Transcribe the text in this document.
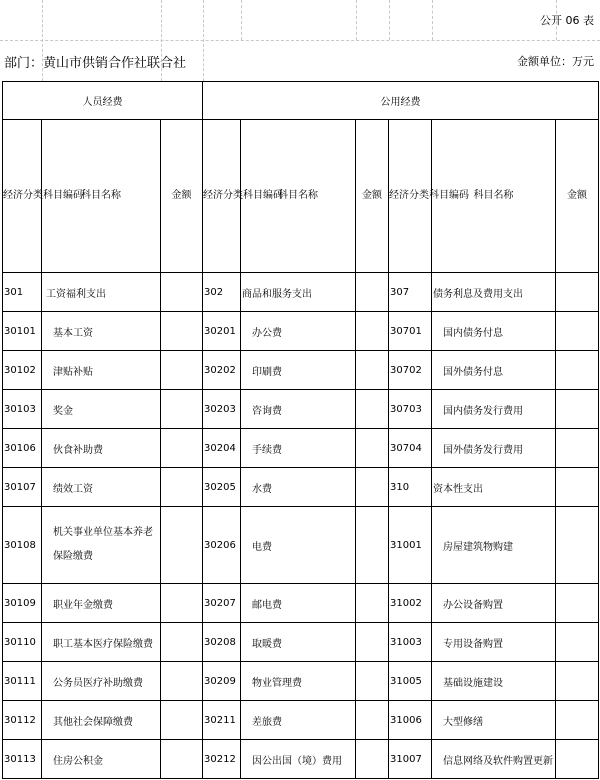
公开 06 表
部门：黄山市供销合作社联合社	金额单位：万元
人员经费			公用经费					
经济分类科目编码	科目名称	金额	经济分类科目编码	科目名称	金额	经济分类科目编码	科目名称	金额
301	工资福利支出		302	商品和服务支出		307	债务利息及费用支出	
30101	基本工资		30201	办公费		30701	国内债务付息	
30102	津贴补贴		30202	印刷费		30702	国外债务付息	
30103	奖金		30203	咨询费		30703	国内债务发行费用	
30106	伙食补助费		30204	手续费		30704	国外债务发行费用	
30107	绩效工资		30205	水费		310	资本性支出	
30108	机关事业单位基本养老保险缴费		30206	电费		31001	房屋建筑物购建	
30109	职业年金缴费		30207	邮电费		31002	办公设备购置	
30110	职工基本医疗保险缴费		30208	取暖费		31003	专用设备购置	
30111	公务员医疗补助缴费		30209	物业管理费		31005	基础设施建设	
30112	其他社会保障缴费		30211	差旅费		31006	大型修缮	
30113	住房公积金		30212	因公出国（境）费用		31007	信息网络及软件购置更新	
